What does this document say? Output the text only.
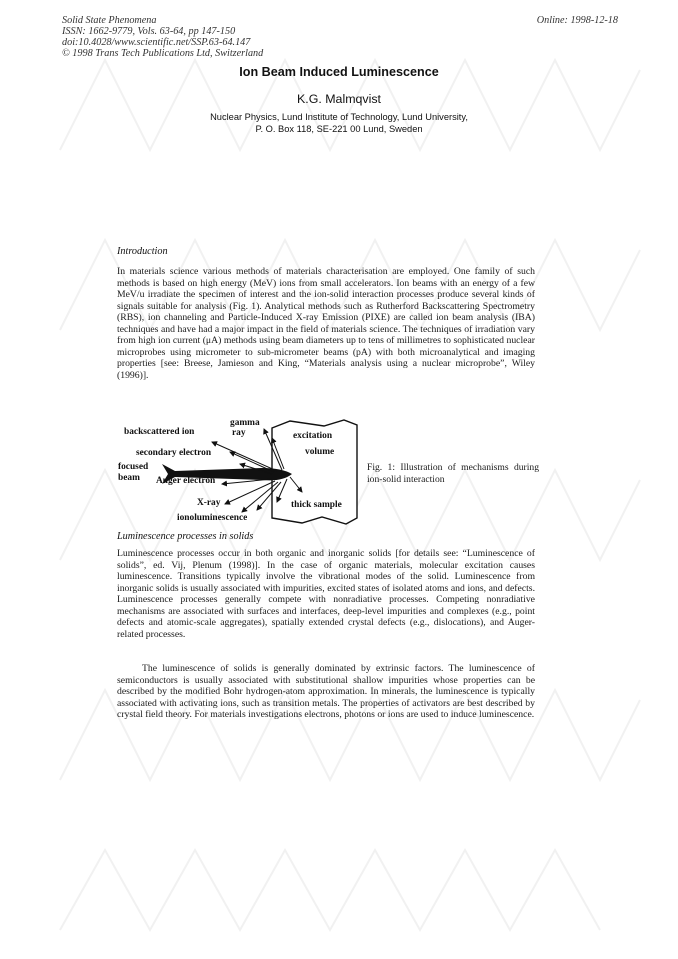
Solid State Phenomena
ISSN: 1662-9779, Vols. 63-64, pp 147-150
doi:10.4028/www.scientific.net/SSP.63-64.147
© 1998 Trans Tech Publications Ltd, Switzerland
Online: 1998-12-18
Ion Beam Induced Luminescence
K.G. Malmqvist
Nuclear Physics, Lund Institute of Technology, Lund University,
P. O. Box 118, SE-221 00 Lund, Sweden
Introduction

In materials science various methods of materials characterisation are employed. One family of such methods is based on high energy (MeV) ions from small accelerators. Ion beams with an energy of a few MeV/u irradiate the specimen of interest and the ion-solid interaction processes produce several kinds of signals suitable for analysis (Fig. 1). Analytical methods such as Rutherford Backscattering Spectrometry (RBS), ion channeling and Particle-Induced X-ray Emission (PIXE) are called ion beam analysis (IBA) techniques and have had a major impact in the field of materials science. The techniques of irradiation vary from high ion current (μA) methods using beam diameters up to tens of millimetres to sophisticated nuclear microprobes using micrometer to sub-micrometer beams (pA) with both microanalytical and imaging properties [see: Breese, Jamieson and King, “Materials analysis using a nuclear microprobe”, Wiley (1996)].

backscattered ion
gamma
ray	excitation
volume
secondary electron
focused
beam Auger electron
X-ray
ionoluminescence
thick sample

Fig. 1: Illustration of mechanisms during ion-solid interaction

Luminescence processes in solids

Luminescence processes occur in both organic and inorganic solids [for details see: “Luminescence of solids”, ed. Vij, Plenum (1998)]. In the case of organic materials, molecular excitation causes luminescence. Transitions typically involve the vibrational modes of the solid. Luminescence from inorganic solids is usually associated with impurities, excited states of isolated atoms and ions, and defects. Luminescence processes generally compete with nonradiative processes. Competing nonradiative mechanisms are associated with surfaces and interfaces, deep-level impurities and complexes (e.g., point defects and atomic-scale aggregates), spatially extended crystal defects (e.g., dislocations), and Auger-related processes.

The luminescence of solids is generally dominated by extrinsic factors. The luminescence of semiconductors is usually associated with substitutional shallow impurities whose properties can be described by the modified Bohr hydrogen-atom approximation. In minerals, the luminescence is typically associated with activating ions, such as transition metals. The properties of activators are best described by crystal field theory. For materials investigations electrons, photons or ions are used to induce luminescence.
